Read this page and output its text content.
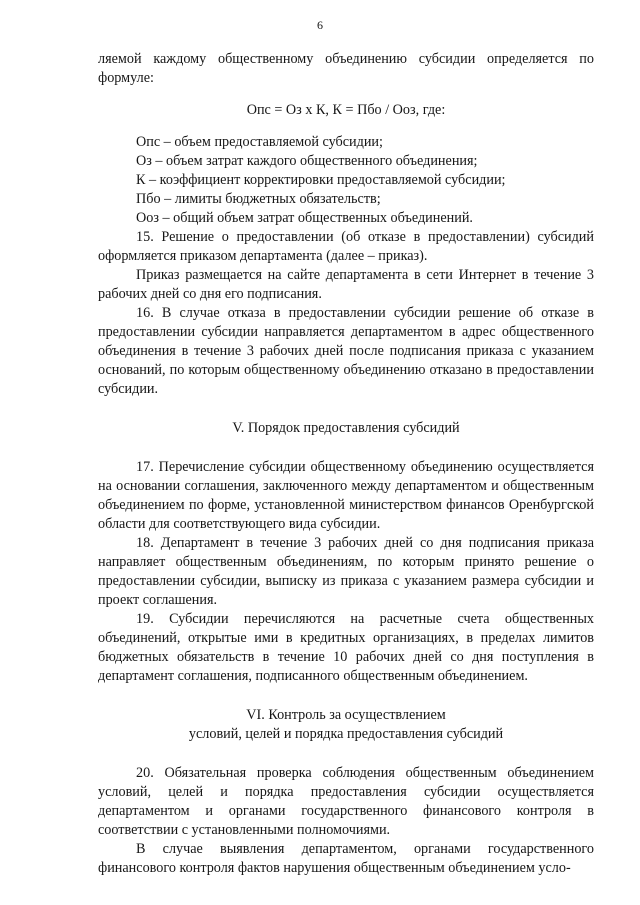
6

ляемой каждому общественному объединению субсидии определяется по формуле:

Опс = Оз х К, К = Пбо / Ооз, где:

Опс – объем предоставляемой субсидии;
Оз – объем затрат каждого общественного объединения;
К – коэффициент корректировки предоставляемой субсидии;
Пбо – лимиты бюджетных обязательств;
Ооз – общий объем затрат общественных объединений.

15. Решение о предоставлении (об отказе в предоставлении) субсидий оформляется приказом департамента (далее – приказ).

Приказ размещается на сайте департамента в сети Интернет в течение 3 рабочих дней со дня его подписания.

16. В случае отказа в предоставлении субсидии решение об отказе в предоставлении субсидии направляется департаментом в адрес общественного объединения в течение 3 рабочих дней после подписания приказа с указанием оснований, по которым общественному объединению отказано в предоставлении субсидии.

V. Порядок предоставления субсидий

17. Перечисление субсидии общественному объединению осуществляется на основании соглашения, заключенного между департаментом и общественным объединением по форме, установленной министерством финансов Оренбургской области для соответствующего вида субсидии.

18. Департамент в течение 3 рабочих дней со дня подписания приказа направляет общественным объединениям, по которым принято решение о предоставлении субсидии, выписку из приказа с указанием размера субсидии и проект соглашения.

19. Субсидии перечисляются на расчетные счета общественных объединений, открытые ими в кредитных организациях, в пределах лимитов бюджетных обязательств в течение 10 рабочих дней со дня поступления в департамент соглашения, подписанного общественным объединением.

VI. Контроль за осуществлением
условий, целей и порядка предоставления субсидий

20. Обязательная проверка соблюдения общественным объединением условий, целей и порядка предоставления субсидии осуществляется департаментом и органами государственного финансового контроля в соответствии с установленными полномочиями.

В случае выявления департаментом, органами государственного финансового контроля фактов нарушения общественным объединением усло-
